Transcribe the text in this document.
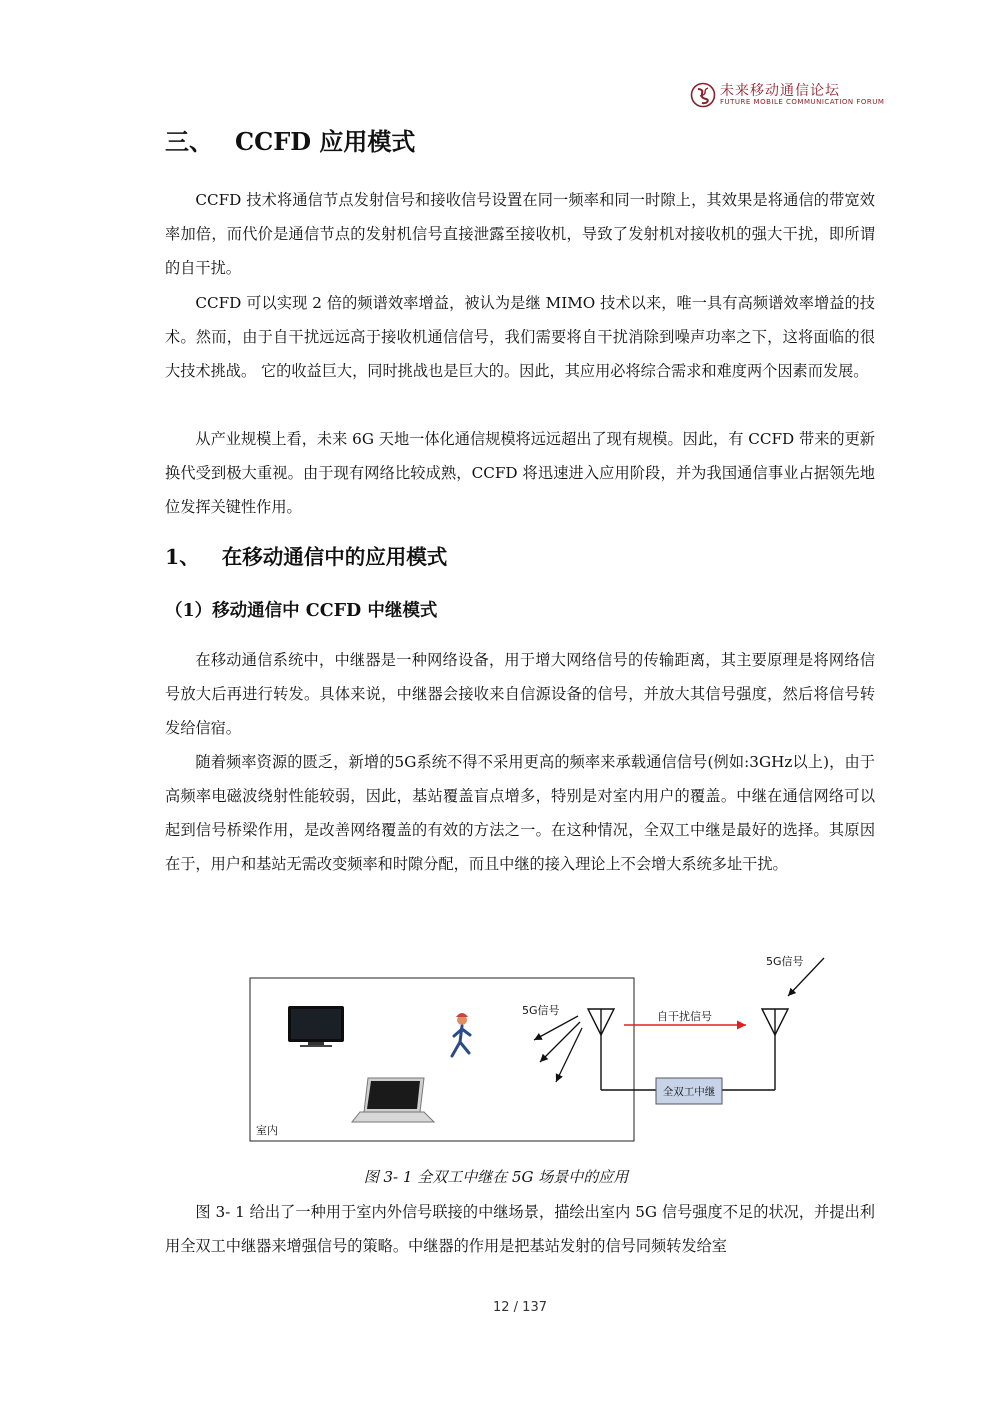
未来移动通信论坛
FUTURE MOBILE COMMUNICATION FORUM
三、 CCFD 应用模式

CCFD 技术将通信节点发射信号和接收信号设置在同一频率和同一时隙上，其效果是将通信的带宽效率加倍，而代价是通信节点的发射机信号直接泄露至接收机，导致了发射机对接收机的强大干扰，即所谓的自干扰。

CCFD 可以实现 2 倍的频谱效率增益，被认为是继 MIMO 技术以来，唯一具有高频谱效率增益的技术。然而，由于自干扰远远高于接收机通信信号，我们需要将自干扰消除到噪声功率之下，这将面临的很大技术挑战。 它的收益巨大，同时挑战也是巨大的。因此，其应用必将综合需求和难度两个因素而发展。

从产业规模上看，未来 6G 天地一体化通信规模将远远超出了现有规模。因此，有 CCFD 带来的更新换代受到极大重视。由于现有网络比较成熟，CCFD 将迅速进入应用阶段，并为我国通信事业占据领先地位发挥关键性作用。

1、 在移动通信中的应用模式
（1）移动通信中 CCFD 中继模式

在移动通信系统中，中继器是一种网络设备，用于增大网络信号的传输距离，其主要原理是将网络信号放大后再进行转发。具体来说，中继器会接收来自信源设备的信号，并放大其信号强度，然后将信号转发给信宿。

随着频率资源的匮乏，新增的5G系统不得不采用更高的频率来承载通信信号(例如:3GHz以上)，由于高频率电磁波绕射性能较弱，因此，基站覆盖盲点增多，特别是对室内用户的覆盖。中继在通信网络可以起到信号桥梁作用，是改善网络覆盖的有效的方法之一。在这种情况，全双工中继是最好的选择。其原因在于，用户和基站无需改变频率和时隙分配，而且中继的接入理论上不会增大系统多址干扰。

5G信号	自干扰信号
5G信号
全双工中继
室内
图 3- 1 全双工中继在 5G 场景中的应用

图 3- 1 给出了一种用于室内外信号联接的中继场景，描绘出室内 5G 信号强度不足的状况，并提出利用全双工中继器来增强信号的策略。中继器的作用是把基站发射的信号同频转发给室

12 / 137
